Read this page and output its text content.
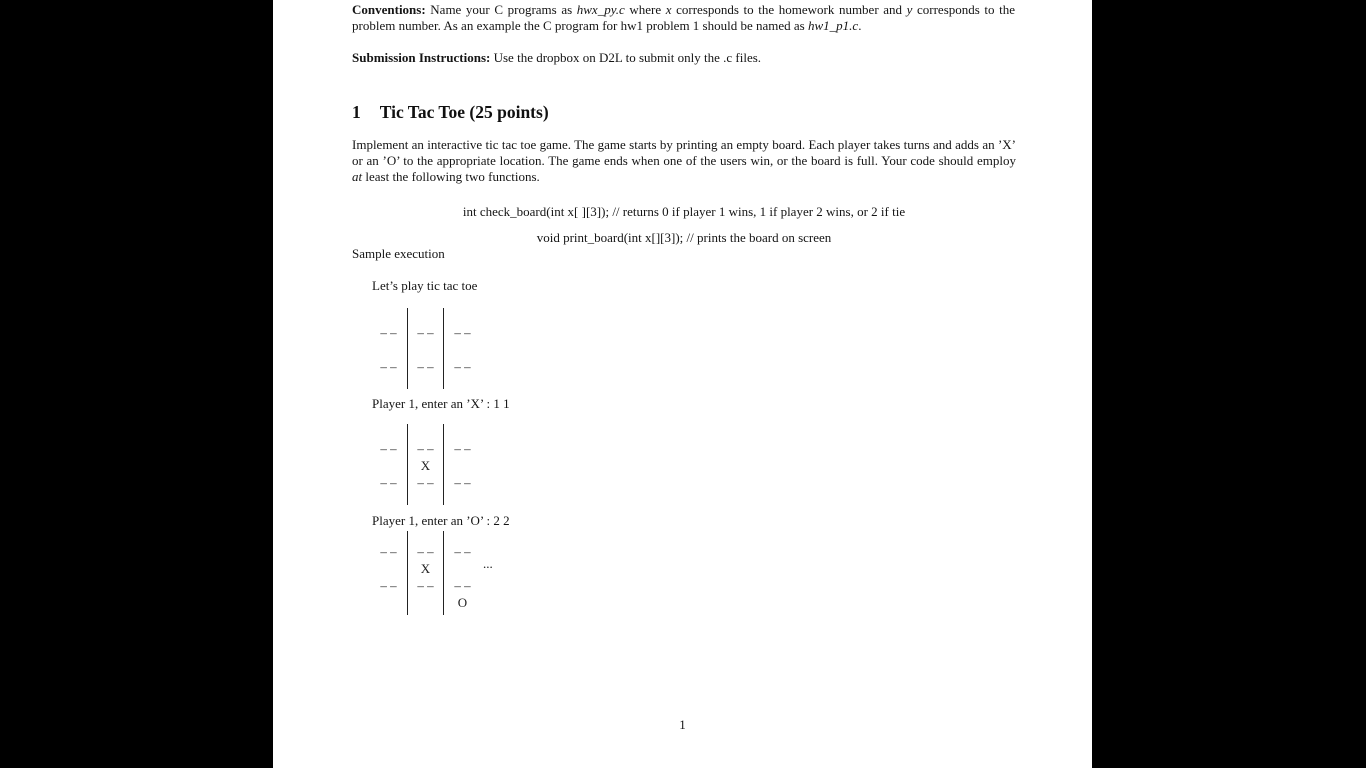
Conventions: Name your C programs as hwx_py.c where x corresponds to the homework number and y corresponds to the problem number. As an example the C program for hw1 problem 1 should be named as hw1_p1.c.

Submission Instructions: Use the dropbox on D2L to submit only the .c files.

1 Tic Tac Toe (25 points)

Implement an interactive tic tac toe game. The game starts by printing an empty board. Each player takes turns and adds an ’X’ or an ’O’ to the appropriate location. The game ends when one of the users win, or the board is full. Your code should employ at least the following two functions.

int check_board(int x[ ][3]); // returns 0 if player 1 wins, 1 if player 2 wins, or 2 if tie
void print_board(int x[][3]); // prints the board on screen
Sample execution
Let’s play tic tac toe
– –
– –
– –
– –
– –
– –
Player 1, enter an ’X’ : 1 1
– –
– –
– –
X
– –
– –
– –
Player 1, enter an ’O’ : 2 2
– –
– –
– –
X
– –
– –
– –
O
...
1
